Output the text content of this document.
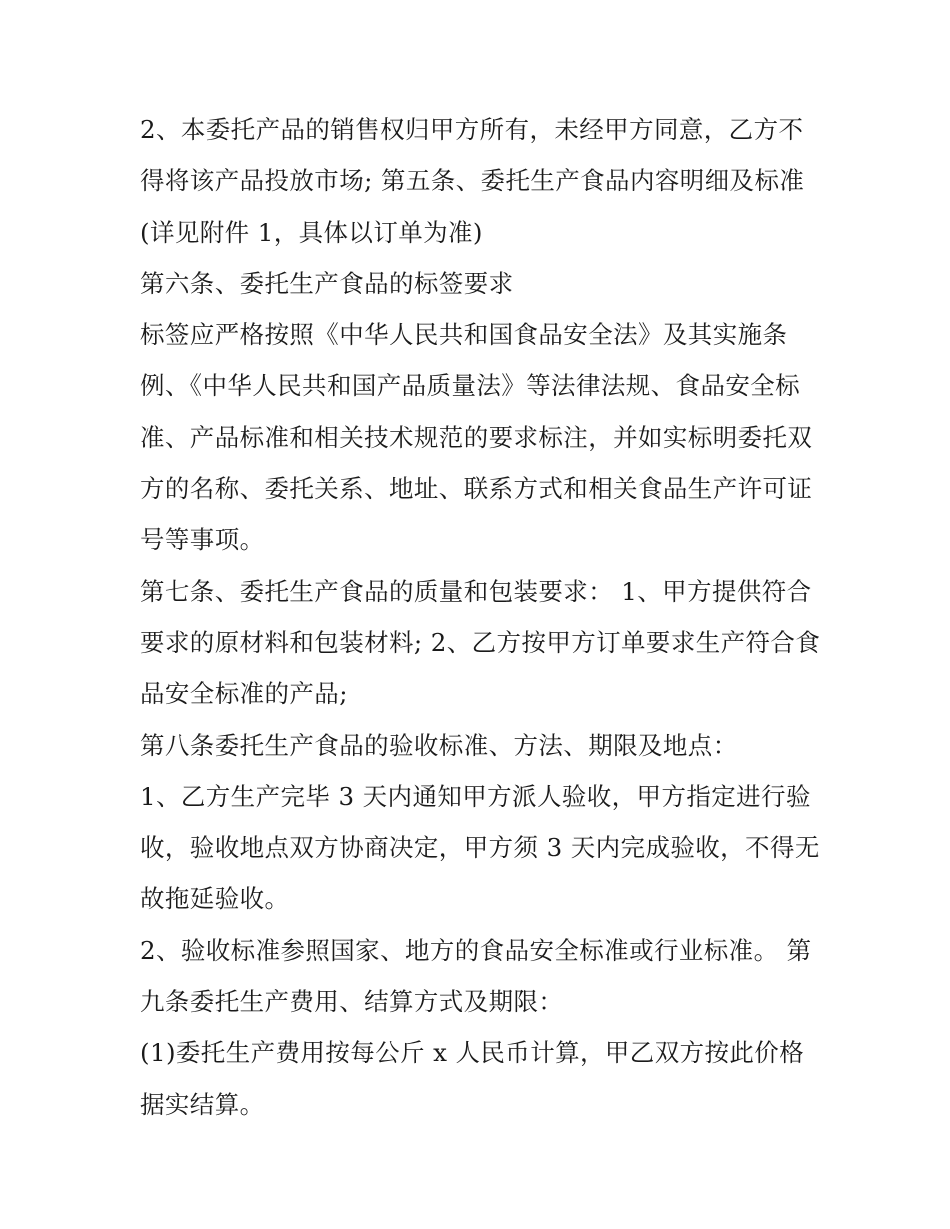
2、本委托产品的销售权归甲方所有，未经甲方同意，乙方不
得将该产品投放市场; 第五条、委托生产食品内容明细及标准
(详见附件 1，具体以订单为准)
第六条、委托生产食品的标签要求
标签应严格按照《中华人民共和国食品安全法》及其实施条
例、《中华人民共和国产品质量法》等法律法规、食品安全标
准、产品标准和相关技术规范的要求标注，并如实标明委托双
方的名称、委托关系、地址、联系方式和相关食品生产许可证
号等事项。
第七条、委托生产食品的质量和包装要求： 1、甲方提供符合
要求的原材料和包装材料; 2、乙方按甲方订单要求生产符合食
品安全标准的产品;
第八条委托生产食品的验收标准、方法、期限及地点：
1、乙方生产完毕 3 天内通知甲方派人验收，甲方指定进行验
收，验收地点双方协商决定，甲方须 3 天内完成验收，不得无
故拖延验收。
2、验收标准参照国家、地方的食品安全标准或行业标准。 第
九条委托生产费用、结算方式及期限：
(1)委托生产费用按每公斤 x 人民币计算，甲乙双方按此价格
据实结算。
